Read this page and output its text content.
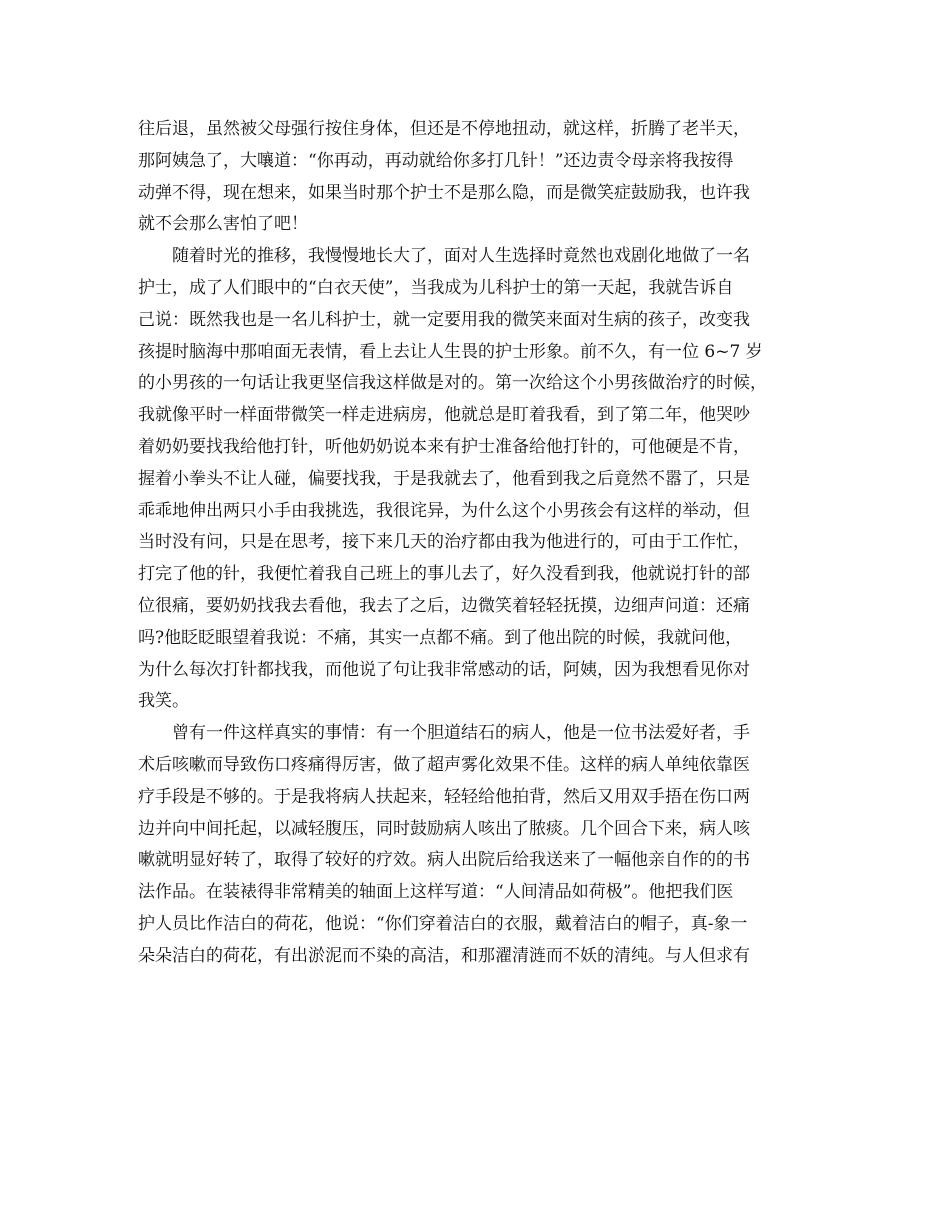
往后退，虽然被父母强行按住身体，但还是不停地扭动，就这样，折腾了老半天，
那阿姨急了，大嚷道：“你再动，再动就给你多打几针！”还边责令母亲将我按得
动弹不得，现在想来，如果当时那个护士不是那么隐，而是微笑症鼓励我，也许我
就不会那么害怕了吧！
随着时光的推移，我慢慢地长大了，面对人生选择时竟然也戏剧化地做了一名
护士，成了人们眼中的“白衣天使”，当我成为儿科护士的第一天起，我就告诉自
己说：既然我也是一名儿科护士，就一定要用我的微笑来面对生病的孩子，改变我
孩提时脑海中那咱面无表情，看上去让人生畏的护士形象。前不久，有一位 6~7 岁
的小男孩的一句话让我更坚信我这样做是对的。第一次给这个小男孩做治疗的时候，
我就像平时一样面带微笑一样走进病房，他就总是盯着我看，到了第二年，他哭吵
着奶奶要找我给他打针，听他奶奶说本来有护士准备给他打针的，可他硬是不肯，
握着小拳头不让人碰，偏要找我，于是我就去了，他看到我之后竟然不嚣了，只是
乖乖地伸出两只小手由我挑选，我很诧异，为什么这个小男孩会有这样的举动，但
当时没有问，只是在思考，接下来几天的治疗都由我为他进行的，可由于工作忙，
打完了他的针，我便忙着我自己班上的事儿去了，好久没看到我，他就说打针的部
位很痛，要奶奶找我去看他，我去了之后，边微笑着轻轻抚摸，边细声问道：还痛
吗?他眨眨眼望着我说：不痛，其实一点都不痛。到了他出院的时候，我就问他，
为什么每次打针都找我，而他说了句让我非常感动的话，阿姨，因为我想看见你对
我笑。
曾有一件这样真实的事情：有一个胆道结石的病人，他是一位书法爱好者，手
术后咳嗽而导致伤口疼痛得厉害，做了超声雾化效果不佳。这样的病人单纯依靠医
疗手段是不够的。于是我将病人扶起来，轻轻给他拍背，然后又用双手捂在伤口两
边并向中间托起，以减轻腹压，同时鼓励病人咳出了脓痰。几个回合下来，病人咳
嗽就明显好转了，取得了较好的疗效。病人出院后给我送来了一幅他亲自作的的书
法作品。在装裱得非常精美的轴面上这样写道：“人间清品如荷极”。他把我们医
护人员比作洁白的荷花，他说：“你们穿着洁白的衣服，戴着洁白的帽子，真-象一
朵朵洁白的荷花，有出淤泥而不染的高洁，和那濯清涟而不妖的清纯。与人但求有
